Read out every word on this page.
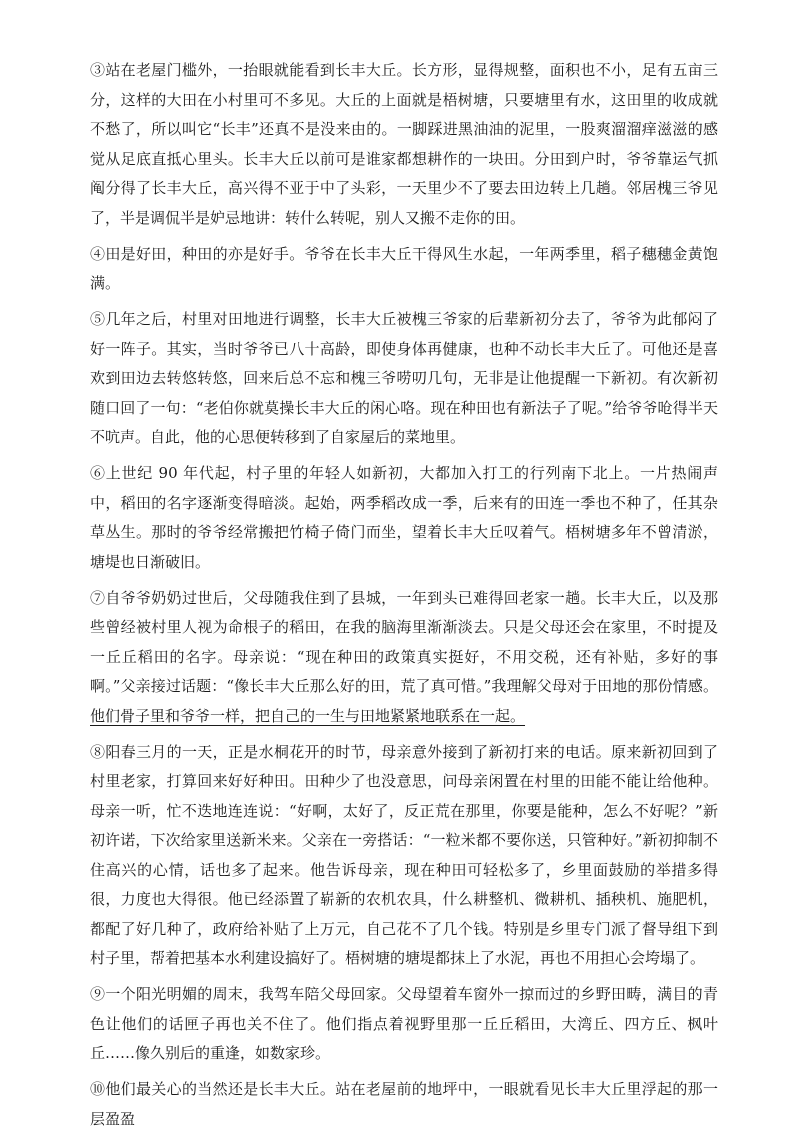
③站在老屋门槛外，一抬眼就能看到长丰大丘。长方形，显得规整，面积也不小，足有五亩三分，这样的大田在小村里可不多见。大丘的上面就是梧树塘，只要塘里有水，这田里的收成就不愁了，所以叫它“长丰”还真不是没来由的。一脚踩进黑油油的泥里，一股爽溜溜痒滋滋的感觉从足底直抵心里头。长丰大丘以前可是谁家都想耕作的一块田。分田到户时，爷爷靠运气抓阄分得了长丰大丘，高兴得不亚于中了头彩，一天里少不了要去田边转上几趟。邻居槐三爷见了，半是调侃半是妒忌地讲：转什么转呢，别人又搬不走你的田。

④田是好田，种田的亦是好手。爷爷在长丰大丘干得风生水起，一年两季里，稻子穗穗金黄饱满。

⑤几年之后，村里对田地进行调整，长丰大丘被槐三爷家的后辈新初分去了，爷爷为此郁闷了好一阵子。其实，当时爷爷已八十高龄，即使身体再健康，也种不动长丰大丘了。可他还是喜欢到田边去转悠转悠，回来后总不忘和槐三爷唠叨几句，无非是让他提醒一下新初。有次新初随口回了一句：“老伯你就莫操长丰大丘的闲心咯。现在种田也有新法子了呢。”给爷爷呛得半天不吭声。自此，他的心思便转移到了自家屋后的菜地里。

⑥上世纪 90 年代起，村子里的年轻人如新初，大都加入打工的行列南下北上。一片热闹声中，稻田的名字逐渐变得暗淡。起始，两季稻改成一季，后来有的田连一季也不种了，任其杂草丛生。那时的爷爷经常搬把竹椅子倚门而坐，望着长丰大丘叹着气。梧树塘多年不曾清淤，塘堤也日渐破旧。

⑦自爷爷奶奶过世后，父母随我住到了县城，一年到头已难得回老家一趟。长丰大丘，以及那些曾经被村里人视为命根子的稻田，在我的脑海里渐渐淡去。只是父母还会在家里，不时提及一丘丘稻田的名字。母亲说：“现在种田的政策真实挺好，不用交税，还有补贴，多好的事啊。”父亲接过话题：“像长丰大丘那么好的田，荒了真可惜。”我理解父母对于田地的那份情感。他们骨子里和爷爷一样，把自己的一生与田地紧紧地联系在一起。

⑧阳春三月的一天，正是水桐花开的时节，母亲意外接到了新初打来的电话。原来新初回到了村里老家，打算回来好好种田。田种少了也没意思，问母亲闲置在村里的田能不能让给他种。母亲一听，忙不迭地连连说：“好啊，太好了，反正荒在那里，你要是能种，怎么不好呢？”新初许诺，下次给家里送新米来。父亲在一旁搭话：“一粒米都不要你送，只管种好。”新初抑制不住高兴的心情，话也多了起来。他告诉母亲，现在种田可轻松多了，乡里面鼓励的举措多得很，力度也大得很。他已经添置了崭新的农机农具，什么耕整机、微耕机、插秧机、施肥机，都配了好几种了，政府给补贴了上万元，自己花不了几个钱。特别是乡里专门派了督导组下到村子里，帮着把基本水利建设搞好了。梧树塘的塘堤都抹上了水泥，再也不用担心会垮塌了。

⑨一个阳光明媚的周末，我驾车陪父母回家。父母望着车窗外一掠而过的乡野田畴，满目的青色让他们的话匣子再也关不住了。他们指点着视野里那一丘丘稻田，大湾丘、四方丘、枫叶丘……像久别后的重逢，如数家珍。

⑩他们最关心的当然还是长丰大丘。站在老屋前的地坪中，一眼就看见长丰大丘里浮起的那一层盈盈
